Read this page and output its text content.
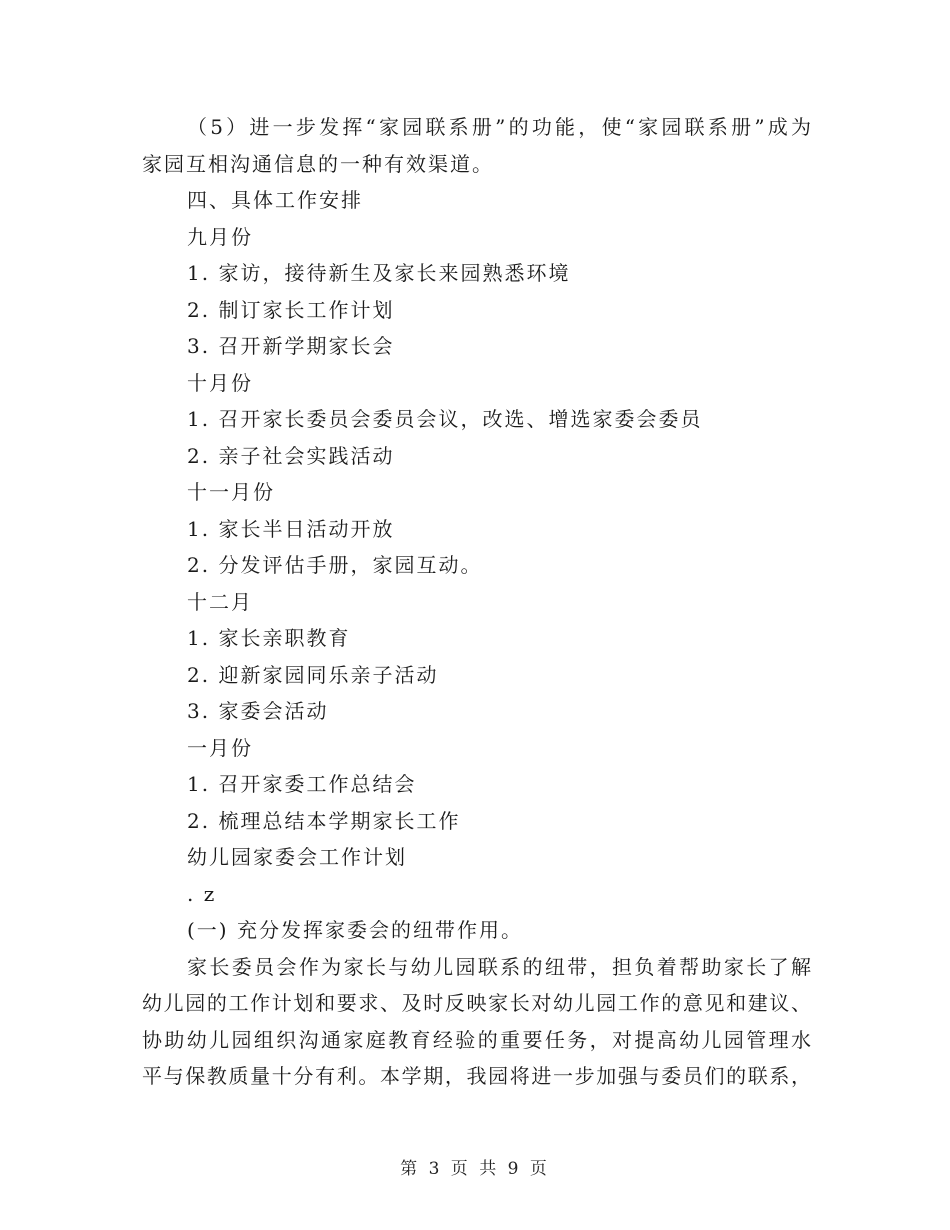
（5）进一步发挥“家园联系册”的功能，使“家园联系册”成为
家园互相沟通信息的一种有效渠道。
四、具体工作安排
九月份
1. 家访，接待新生及家长来园熟悉环境
2. 制订家长工作计划
3. 召开新学期家长会
十月份
1. 召开家长委员会委员会议，改选、增选家委会委员
2. 亲子社会实践活动
十一月份
1. 家长半日活动开放
2. 分发评估手册，家园互动。
十二月
1. 家长亲职教育
2. 迎新家园同乐亲子活动
3. 家委会活动
一月份
1. 召开家委工作总结会
2. 梳理总结本学期家长工作
幼儿园家委会工作计划
. z
(一) 充分发挥家委会的纽带作用。
家长委员会作为家长与幼儿园联系的纽带，担负着帮助家长了解
幼儿园的工作计划和要求、及时反映家长对幼儿园工作的意见和建议、
协助幼儿园组织沟通家庭教育经验的重要任务，对提高幼儿园管理水
平与保教质量十分有利。本学期，我园将进一步加强与委员们的联系，
第 3 页 共 9 页
